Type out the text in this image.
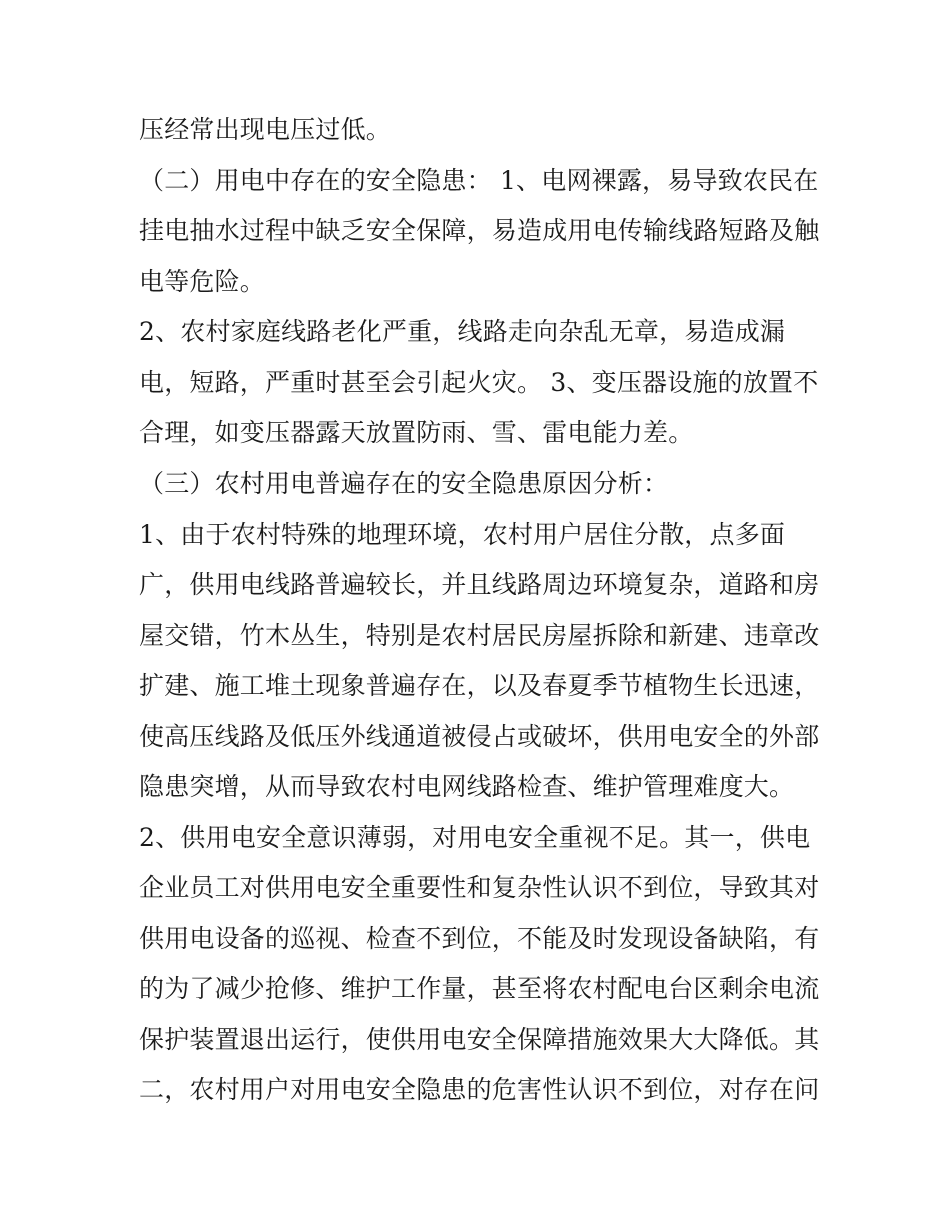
压经常出现电压过低。
（二）用电中存在的安全隐患： 1、电网裸露，易导致农民在
挂电抽水过程中缺乏安全保障，易造成用电传输线路短路及触
电等危险。
2、农村家庭线路老化严重，线路走向杂乱无章，易造成漏
电，短路，严重时甚至会引起火灾。 3、变压器设施的放置不
合理，如变压器露天放置防雨、雪、雷电能力差。
（三）农村用电普遍存在的安全隐患原因分析：
1、由于农村特殊的地理环境，农村用户居住分散，点多面
广，供用电线路普遍较长，并且线路周边环境复杂，道路和房
屋交错，竹木丛生，特别是农村居民房屋拆除和新建、违章改
扩建、施工堆土现象普遍存在，以及春夏季节植物生长迅速，
使高压线路及低压外线通道被侵占或破坏，供用电安全的外部
隐患突增，从而导致农村电网线路检查、维护管理难度大。
2、供用电安全意识薄弱，对用电安全重视不足。其一，供电
企业员工对供用电安全重要性和复杂性认识不到位，导致其对
供用电设备的巡视、检查不到位，不能及时发现设备缺陷，有
的为了减少抢修、维护工作量，甚至将农村配电台区剩余电流
保护装置退出运行，使供用电安全保障措施效果大大降低。其
二，农村用户对用电安全隐患的危害性认识不到位，对存在问
